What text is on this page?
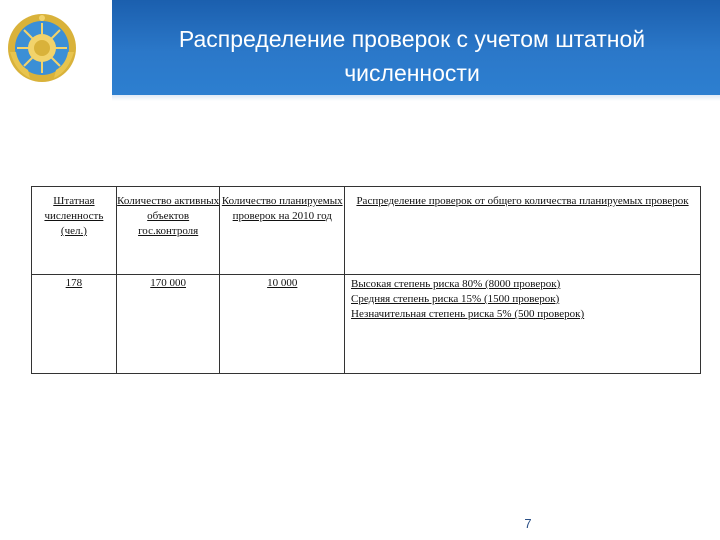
Распределение проверок с учетом штатной численности
Штатная численность (чел.)	Количество активных объектов гос.контроля	Количество планируемых проверок на 2010 год	Распределение проверок от общего количества планируемых проверок
178	170 000	10 000	Высокая степень риска 80% (8000 проверок)
Средняя степень риска 15% (1500 проверок)
Незначительная степень риска 5% (500 проверок)
7
